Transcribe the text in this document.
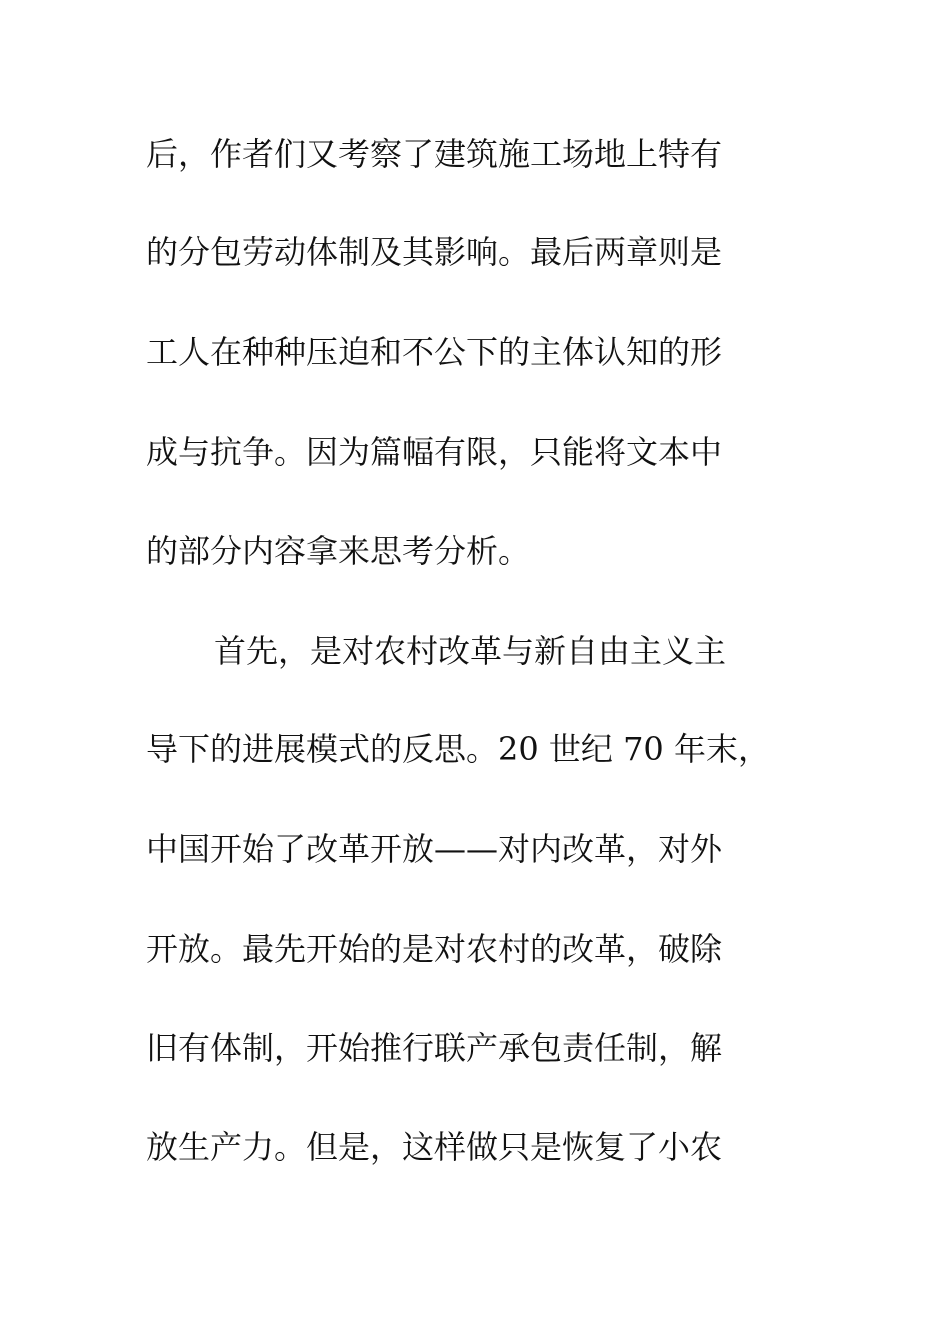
后，作者们又考察了建筑施工场地上特有
的分包劳动体制及其影响。最后两章则是
工人在种种压迫和不公下的主体认知的形
成与抗争。因为篇幅有限，只能将文本中
的部分内容拿来思考分析。
首先，是对农村改革与新自由主义主
导下的进展模式的反思。20 世纪 70 年末，
中国开始了改革开放——对内改革，对外
开放。最先开始的是对农村的改革，破除
旧有体制，开始推行联产承包责任制，解
放生产力。但是，这样做只是恢复了小农
